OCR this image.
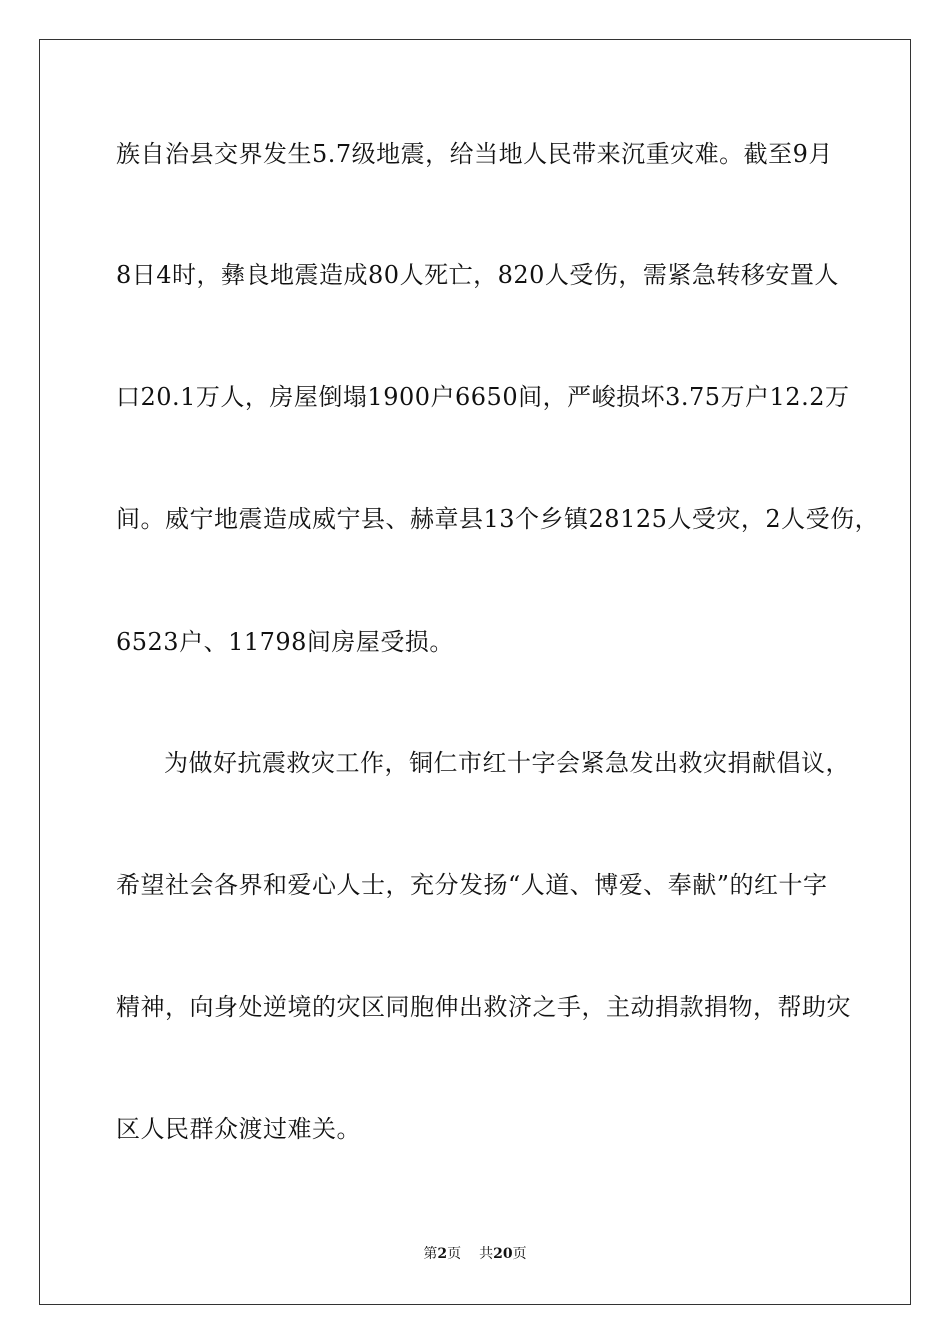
族自治县交界发生5.7级地震，给当地人民带来沉重灾难。截至9月
8日4时，彝良地震造成80人死亡，820人受伤，需紧急转移安置人
口20.1万人，房屋倒塌1900户6650间，严峻损坏3.75万户12.2万
间。威宁地震造成威宁县、赫章县13个乡镇28125人受灾，2人受伤，
6523户、11798间房屋受损。
为做好抗震救灾工作，铜仁市红十字会紧急发出救灾捐献倡议，
希望社会各界和爱心人士，充分发扬“人道、博爱、奉献”的红十字
精神，向身处逆境的灾区同胞伸出救济之手，主动捐款捐物，帮助灾
区人民群众渡过难关。
第2页 共20页
